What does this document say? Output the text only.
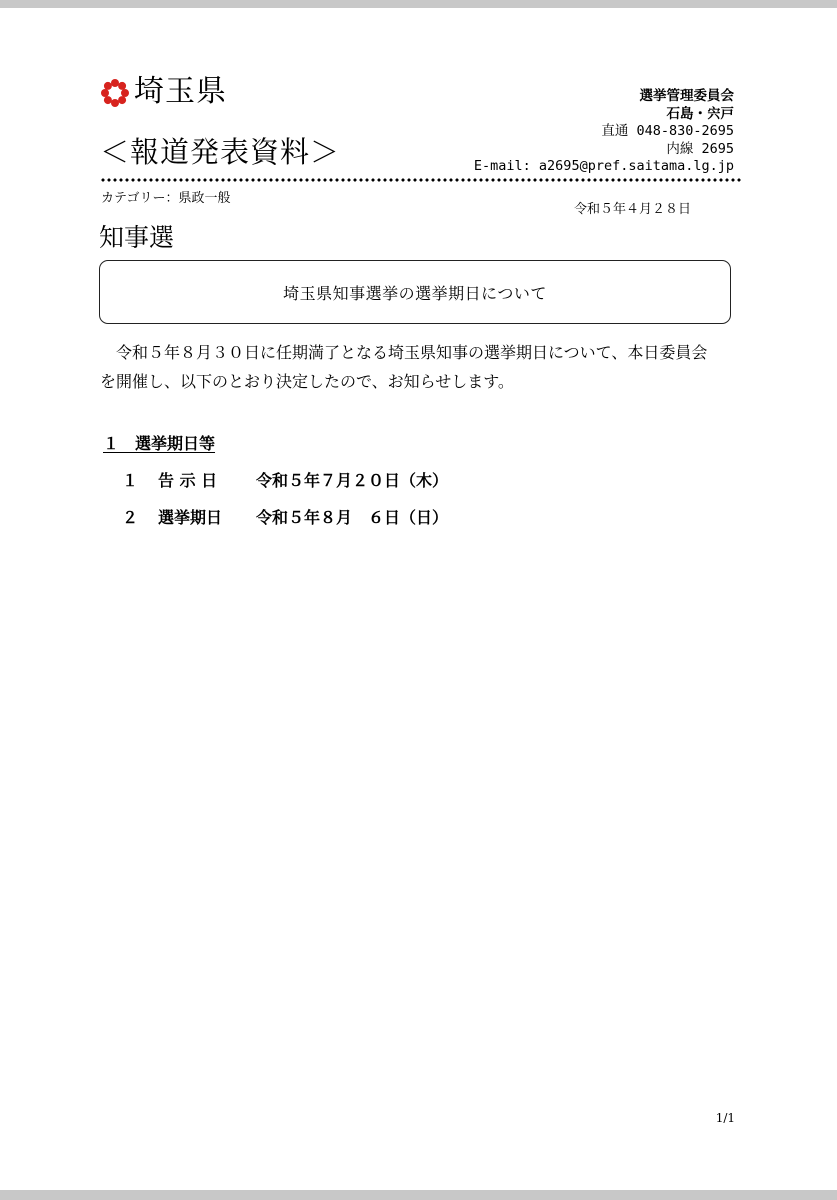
埼玉県
＜報道発表資料＞
選挙管理委員会
石島・宍戸
直通 048-830-2695
内線 2695
E-mail: a2695@pref.saitama.lg.jp
カテゴリー：県政一般
令和５年４月２８日
知事選
埼玉県知事選挙の選挙期日について
令和５年８月３０日に任期満了となる埼玉県知事の選挙期日について、本日委員会
を開催し、以下のとおり決定したので、お知らせします。
１　選挙期日等
１	告 示 日	令和５年７月２０日（木）
２	選挙期日	令和５年８月　６日（日）
1/1
